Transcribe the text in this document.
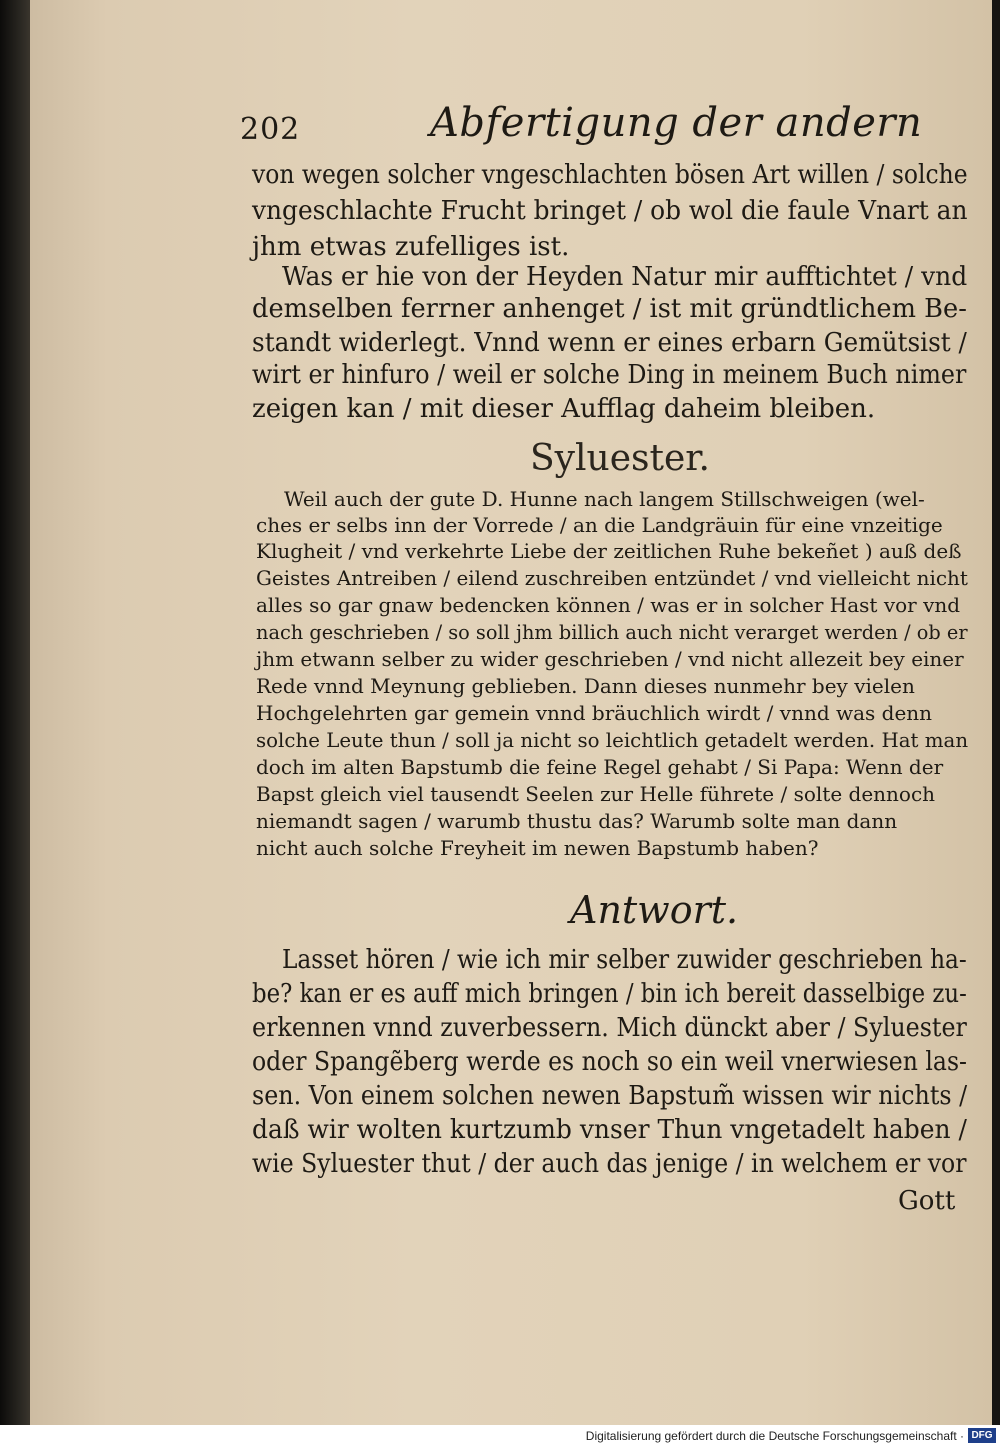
202	Abfertigung der andern
von wegen solcher vngeschlachten bösen Art willen / solche
vngeschlachte Frucht bringet / ob wol die faule Vnart an
jhm etwas zufelliges ist.
Was er hie von der Heyden Natur mir aufftichtet / vnd
demselben ferrner anhenget / ist mit gründtlichem Be-
standt widerlegt. Vnnd wenn er eines erbarn Gemütsist /
wirt er hinfuro / weil er solche Ding in meinem Buch nimer
zeigen kan / mit dieser Aufflag daheim bleiben.
Syluester.
Weil auch der gute D. Hunne nach langem Stillschweigen (wel-
ches er selbs inn der Vorrede / an die Landgräuin für eine vnzeitige
Klugheit / vnd verkehrte Liebe der zeitlichen Ruhe bekeñet ) auß deß
Geistes Antreiben / eilend zuschreiben entzündet / vnd vielleicht nicht
alles so gar gnaw bedencken können / was er in solcher Hast vor vnd
nach geschrieben / so soll jhm billich auch nicht verarget werden / ob er
jhm etwann selber zu wider geschrieben / vnd nicht allezeit bey einer
Rede vnnd Meynung geblieben. Dann dieses nunmehr bey vielen
Hochgelehrten gar gemein vnnd bräuchlich wirdt / vnnd was denn
solche Leute thun / soll ja nicht so leichtlich getadelt werden. Hat man
doch im alten Bapstumb die feine Regel gehabt / Si Papa: Wenn der
Bapst gleich viel tausendt Seelen zur Helle führete / solte dennoch
niemandt sagen / warumb thustu das? Warumb solte man dann
nicht auch solche Freyheit im newen Bapstumb haben?
Antwort.
Lasset hören / wie ich mir selber zuwider geschrieben ha-
be? kan er es auff mich bringen / bin ich bereit dasselbige zu-
erkennen vnnd zuverbessern. Mich dünckt aber / Syluester
oder Spangẽberg werde es noch so ein weil vnerwiesen las-
sen. Von einem solchen newen Bapstum̃ wissen wir nichts /
daß wir wolten kurtzumb vnser Thun vngetadelt haben /
wie Syluester thut / der auch das jenige / in welchem er vor
Gott
Digitalisierung gefördert durch die Deutsche Forschungsgemeinschaft · DFG
